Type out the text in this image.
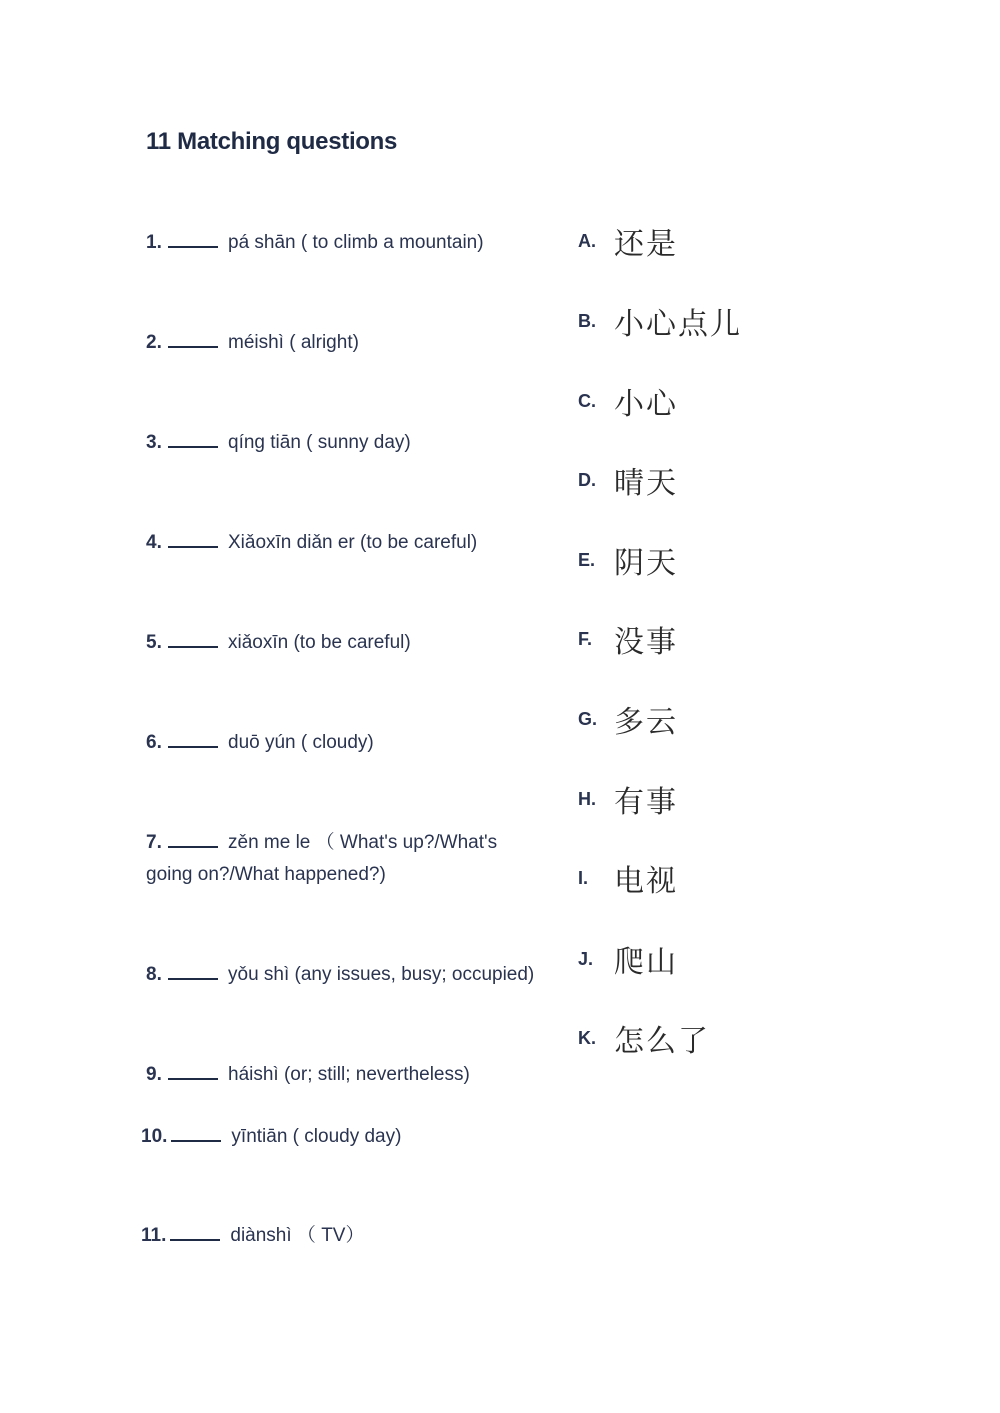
11 Matching questions
1.	pá shān ( to climb a mountain)
2.	méishì ( alright)
3.	qíng tiān ( sunny day)
4.	Xiǎoxīn diǎn er (to be careful)
5.	xiǎoxīn (to be careful)
6.	duō yún ( cloudy)
7.	zěn me le （ What's up?/What's
going on?/What happened?)
8.	yǒu shì (any issues, busy; occupied)
9.	háishì (or; still; nevertheless)
10.	yīntiān ( cloudy day)
11.	diànshì （ TV）
A. 还是
B. 小心点儿
C. 小心
D. 晴天
E. 阴天
F. 没事
G. 多云
H. 有事
I. 电视
J. 爬山
K. 怎么了
